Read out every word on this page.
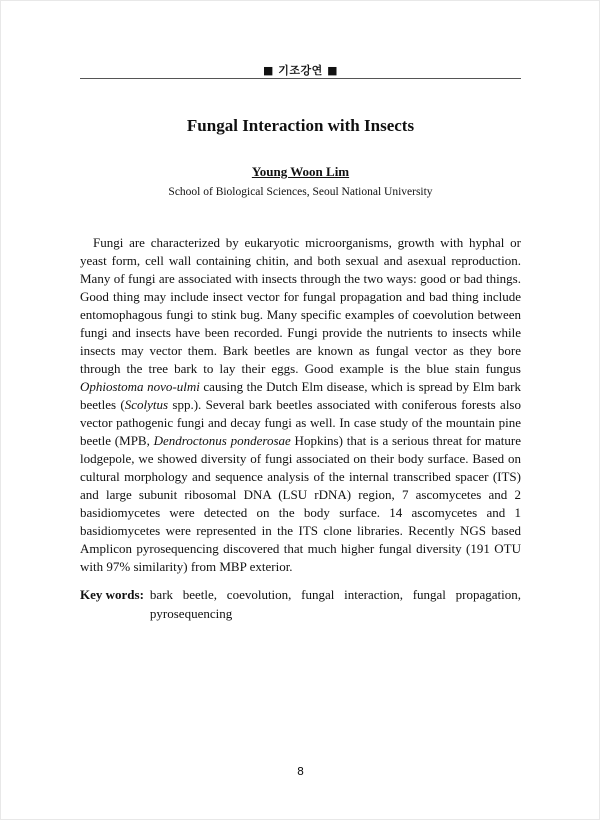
■ 기조강연 ■
Fungal Interaction with Insects
Young Woon Lim
School of Biological Sciences, Seoul National University
Fungi are characterized by eukaryotic microorganisms, growth with hyphal or yeast form, cell wall containing chitin, and both sexual and asexual reproduction. Many of fungi are associated with insects through the two ways: good or bad things. Good thing may include insect vector for fungal propagation and bad thing include entomophagous fungi to stink bug. Many specific examples of coevolution between fungi and insects have been recorded. Fungi provide the nutrients to insects while insects may vector them. Bark beetles are known as fungal vector as they bore through the tree bark to lay their eggs. Good example is the blue stain fungus Ophiostoma novo-ulmi causing the Dutch Elm disease, which is spread by Elm bark beetles (Scolytus spp.). Several bark beetles associated with coniferous forests also vector pathogenic fungi and decay fungi as well. In case study of the mountain pine beetle (MPB, Dendroctonus ponderosae Hopkins) that is a serious threat for mature lodgepole, we showed diversity of fungi associated on their body surface. Based on cultural morphology and sequence analysis of the internal transcribed spacer (ITS) and large subunit ribosomal DNA (LSU rDNA) region, 7 ascomycetes and 2 basidiomycetes were detected on the body surface. 14 ascomycetes and 1 basidiomycetes were represented in the ITS clone libraries. Recently NGS based Amplicon pyrosequencing discovered that much higher fungal diversity (191 OTU with 97% similarity) from MBP exterior.
Key words: bark beetle, coevolution, fungal interaction, fungal propagation, pyrosequencing
8
